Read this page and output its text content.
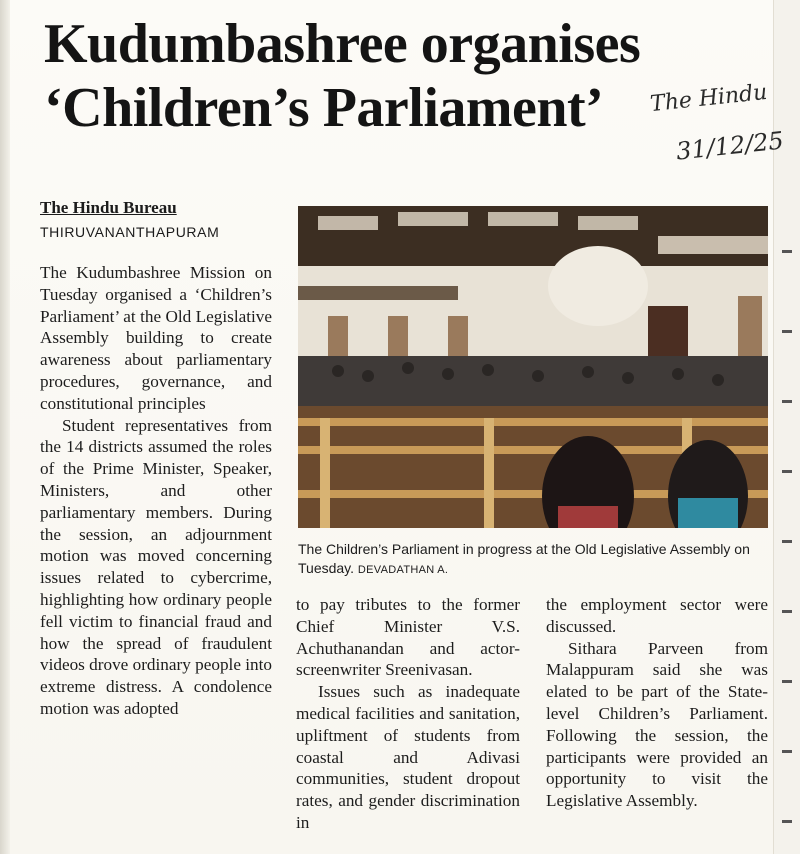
Kudumbashree organises
‘Children’s Parliament’	The Hindu
31/12/25
The Hindu Bureau
THIRUVANANTHAPURAM

The Kudumbashree Mission on Tuesday organised a ‘Children’s Parliament’ at the Old Legislative Assembly building to create awareness about parliamentary procedures, governance, and constitutional principles

Student representatives from the 14 districts assumed the roles of the Prime Minister, Speaker, Ministers, and other parliamentary members. During the session, an adjournment motion was moved concerning issues related to cybercrime, highlighting how ordinary people fell victim to financial fraud and how the spread of fraudulent videos drove ordinary people into extreme distress. A condolence motion was adopted

The Children’s Parliament in progress at the Old Legislative Assembly on Tuesday. DEVADATHAN A.

to pay tributes to the former Chief Minister V.S. Achuthanandan and actor-screenwriter Sreenivasan.

Issues such as inadequate medical facilities and sanitation, upliftment of students from coastal and Adivasi communities, student dropout rates, and gender discrimination in

the employment sector were discussed.

Sithara Parveen from Malappuram said she was elated to be part of the State-level Children’s Parliament. Following the session, the participants were provided an opportunity to visit the Legislative Assembly.
